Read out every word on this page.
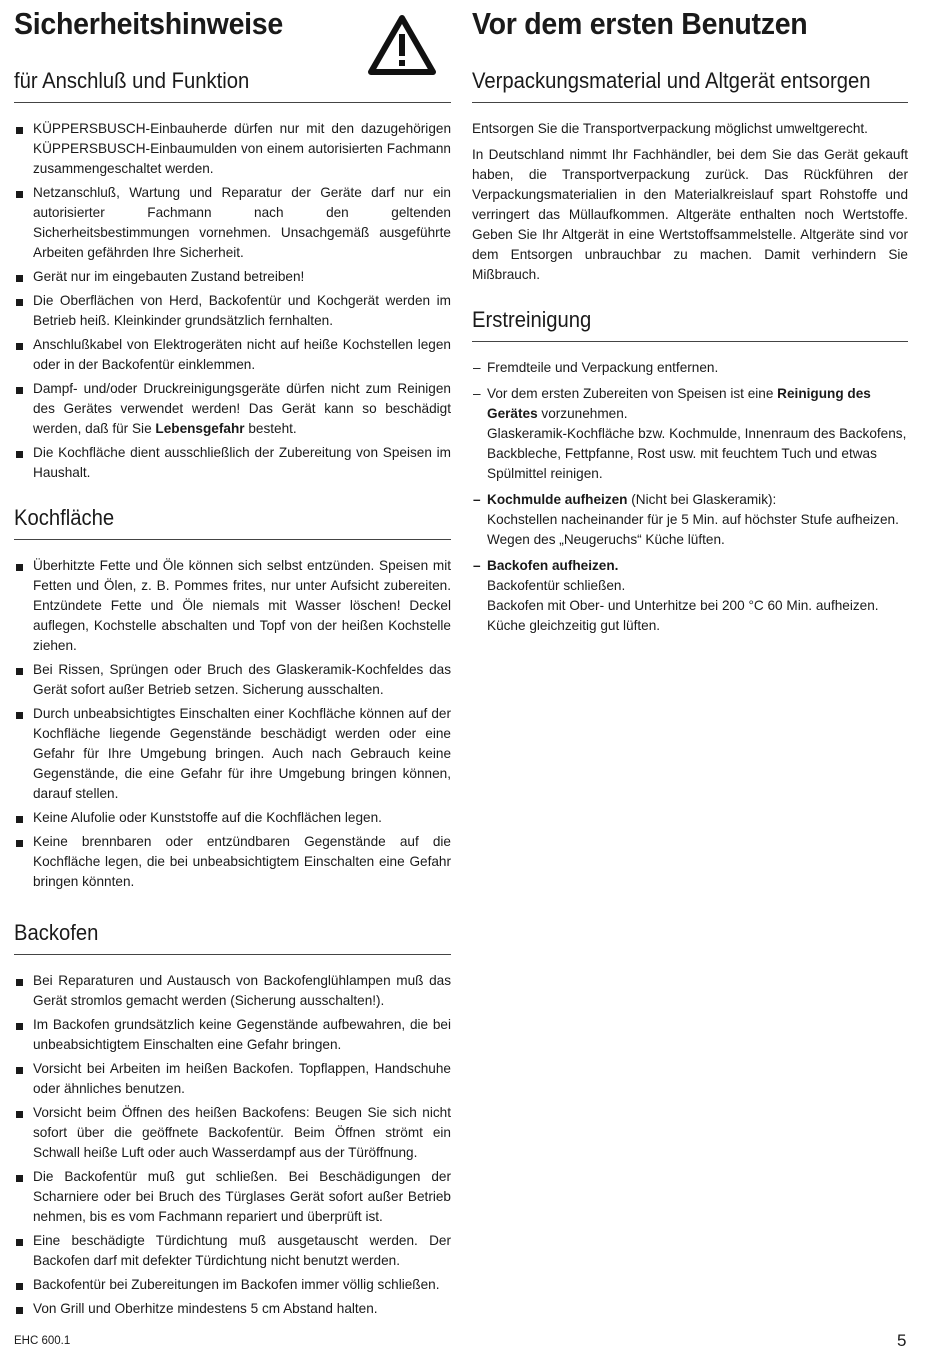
Sicherheitshinweise
für Anschluß und Funktion

KÜPPERSBUSCH-Einbauherde dürfen nur mit den dazugehörigen KÜPPERSBUSCH-Einbaumulden von einem autorisierten Fachmann zusammengeschaltet werden.

Netzanschluß, Wartung und Reparatur der Geräte darf nur ein autorisierter Fachmann nach den geltenden Sicherheitsbestimmungen vornehmen. Unsachgemäß ausgeführte Arbeiten gefährden Ihre Sicherheit.

Gerät nur im eingebauten Zustand betreiben!

Die Oberflächen von Herd, Backofentür und Kochgerät werden im Betrieb heiß. Kleinkinder grundsätzlich fernhalten.

Anschlußkabel von Elektrogeräten nicht auf heiße Kochstellen legen oder in der Backofentür einklemmen.

Dampf- und/oder Druckreinigungsgeräte dürfen nicht zum Reinigen des Gerätes verwendet werden! Das Gerät kann so beschädigt werden, daß für Sie Lebensgefahr besteht.

Die Kochfläche dient ausschließlich der Zubereitung von Speisen im Haushalt.

Kochfläche

Überhitzte Fette und Öle können sich selbst entzünden. Speisen mit Fetten und Ölen, z. B. Pommes frites, nur unter Aufsicht zubereiten. Entzündete Fette und Öle niemals mit Wasser löschen! Deckel auflegen, Kochstelle abschalten und Topf von der heißen Kochstelle ziehen.

Bei Rissen, Sprüngen oder Bruch des Glaskeramik-Kochfeldes das Gerät sofort außer Betrieb setzen. Sicherung ausschalten.

Durch unbeabsichtigtes Einschalten einer Kochfläche können auf der Kochfläche liegende Gegenstände beschädigt werden oder eine Gefahr für Ihre Umgebung bringen. Auch nach Gebrauch keine Gegenstände, die eine Gefahr für ihre Umgebung bringen können, darauf stellen.

Keine Alufolie oder Kunststoffe auf die Kochflächen legen.

Keine brennbaren oder entzündbaren Gegenstände auf die Kochfläche legen, die bei unbeabsichtigtem Einschalten eine Gefahr bringen könnten.

Backofen

Bei Reparaturen und Austausch von Backofenglühlampen muß das Gerät stromlos gemacht werden (Sicherung ausschalten!).

Im Backofen grundsätzlich keine Gegenstände aufbewahren, die bei unbeabsichtigtem Einschalten eine Gefahr bringen.

Vorsicht bei Arbeiten im heißen Backofen. Topflappen, Handschuhe oder ähnliches benutzen.

Vorsicht beim Öffnen des heißen Backofens: Beugen Sie sich nicht sofort über die geöffnete Backofentür. Beim Öffnen strömt ein Schwall heiße Luft oder auch Wasserdampf aus der Türöffnung.

Die Backofentür muß gut schließen. Bei Beschädigungen der Scharniere oder bei Bruch des Türglases Gerät sofort außer Betrieb nehmen, bis es vom Fachmann repariert und überprüft ist.

Eine beschädigte Türdichtung muß ausgetauscht werden. Der Backofen darf mit defekter Türdichtung nicht benutzt werden.

Backofentür bei Zubereitungen im Backofen immer völlig schließen.

Von Grill und Oberhitze mindestens 5 cm Abstand halten.

Vor dem ersten Benutzen
Verpackungsmaterial und Altgerät entsorgen

Entsorgen Sie die Transportverpackung möglichst umweltgerecht.

In Deutschland nimmt Ihr Fachhändler, bei dem Sie das Gerät gekauft haben, die Transportverpackung zurück. Das Rückführen der Verpackungsmaterialien in den Materialkreislauf spart Rohstoffe und verringert das Müllaufkommen. Altgeräte enthalten noch Wertstoffe. Geben Sie Ihr Altgerät in eine Wertstoffsammelstelle. Altgeräte sind vor dem Entsorgen unbrauchbar zu machen. Damit verhindern Sie Mißbrauch.

Erstreinigung

– Fremdteile und Verpackung entfernen.

– Vor dem ersten Zubereiten von Speisen ist eine Reinigung des Gerätes vorzunehmen.
Glaskeramik-Kochfläche bzw. Kochmulde, Innenraum des Backofens, Backbleche, Fettpfanne, Rost usw. mit feuchtem Tuch und etwas Spülmittel reinigen.

– Kochmulde aufheizen (Nicht bei Glaskeramik):
Kochstellen nacheinander für je 5 Min. auf höchster Stufe aufheizen.
Wegen des „Neugeruchs“ Küche lüften.

– Backofen aufheizen.
Backofentür schließen.
Backofen mit Ober- und Unterhitze bei 200 °C 60 Min. aufheizen.
Küche gleichzeitig gut lüften.

EHC 600.1	5
